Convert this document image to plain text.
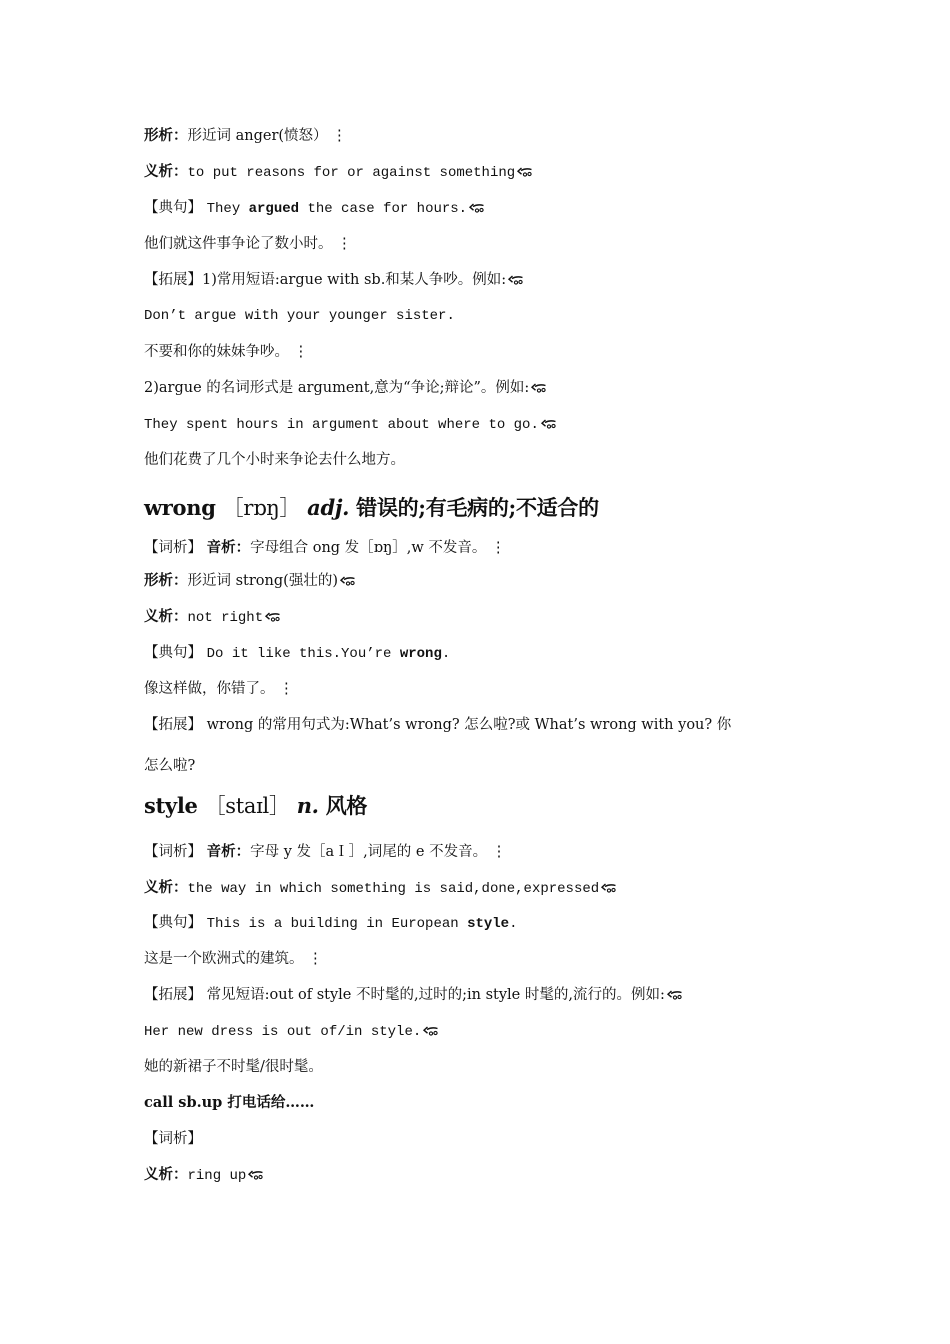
形析：形近词 anger(愤怒） ⋮
义析：to put reasons for or against something
【典句】 They argued the case for hours.
他们就这件事争论了数小时。 ⋮
【拓展】1)常用短语:argue with sb.和某人争吵。例如:
Don’t argue with your younger sister.
不要和你的妹妹争吵。 ⋮
2)argue 的名词形式是 argument,意为“争论;辩论”。例如:
They spent hours in argument about where to go.
他们花费了几个小时来争论去什么地方。
wrong ［rɒŋ］ adj. 错误的;有毛病的;不适合的
【词析】 音析：字母组合 ong 发［ɒŋ］,w 不发音。 ⋮
形析：形近词 strong(强壮的)
义析：not right
【典句】 Do it like this.You’re wrong.
像这样做，你错了。 ⋮
【拓展】 wrong 的常用句式为:What’s wrong? 怎么啦?或 What’s wrong with you? 你
怎么啦?
style ［staɪl］ n. 风格
【词析】 音析：字母 y 发［aＩ］,词尾的 e 不发音。 ⋮
义析：the way in which something is said,done,expressed
【典句】 This is a building in European style.
这是一个欧洲式的建筑。 ⋮
【拓展】 常见短语:out of style 不时髦的,过时的;in style 时髦的,流行的。例如:
Her new dress is out of/in style.
她的新裙子不时髦/很时髦。
call sb.up 打电话给……
【词析】
义析：ring up
